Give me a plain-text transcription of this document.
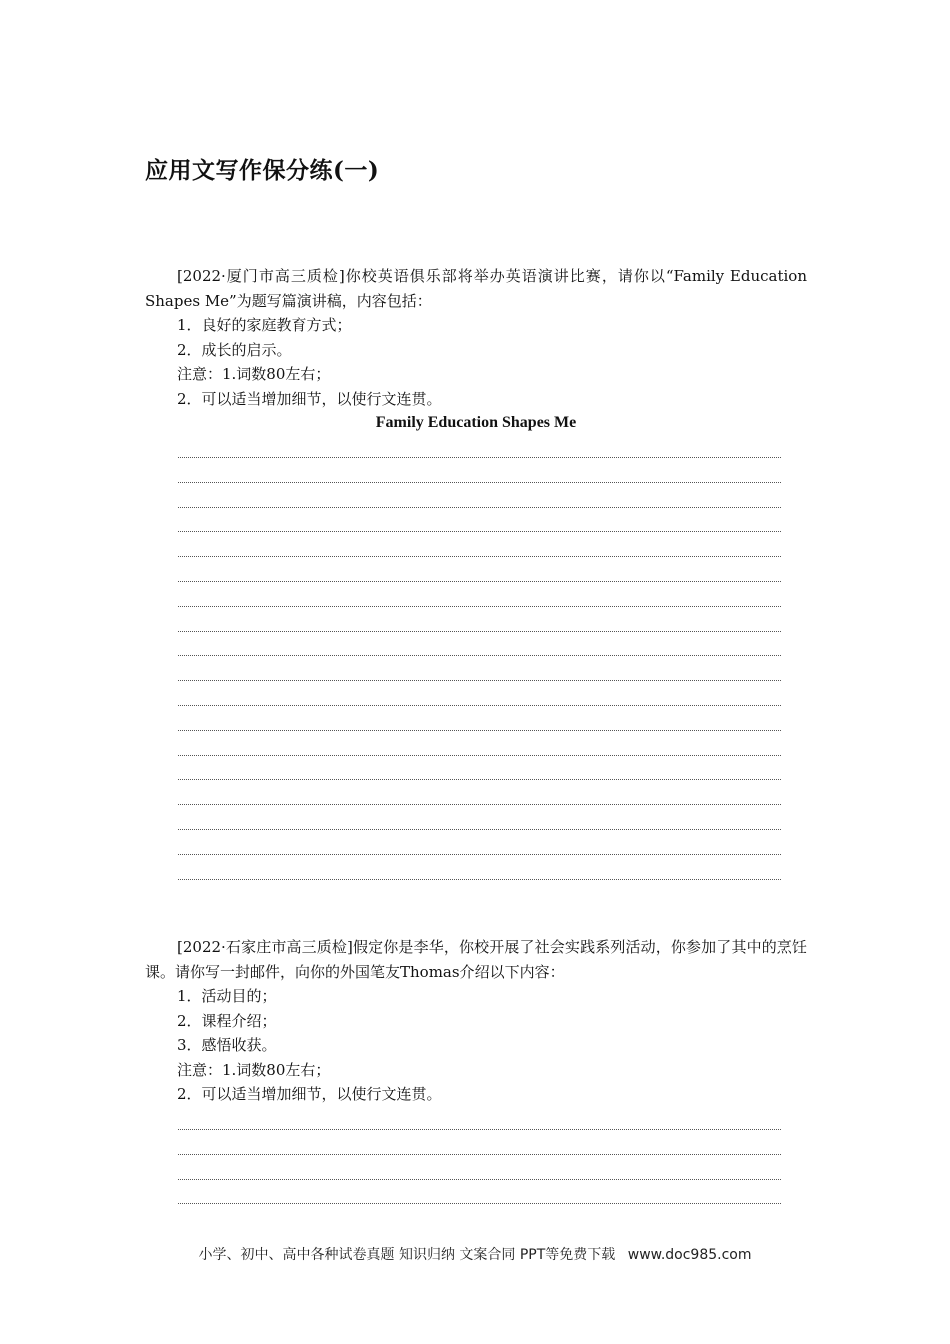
应用文写作保分练(一)

[2022·厦门市高三质检]你校英语俱乐部将举办英语演讲比赛，请你以“Family Education Shapes Me”为题写篇演讲稿，内容包括：

1．良好的家庭教育方式；

2．成长的启示。

注意：1.词数80左右；

2．可以适当增加细节，以使行文连贯。

Family Education Shapes Me

[2022·石家庄市高三质检]假定你是李华，你校开展了社会实践系列活动，你参加了其中的烹饪课。请你写一封邮件，向你的外国笔友Thomas介绍以下内容：

1．活动目的；

2．课程介绍；

3．感悟收获。

注意：1.词数80左右；

2．可以适当增加细节，以使行文连贯。

小学、初中、高中各种试卷真题 知识归纳 文案合同 PPT等免费下载 www.doc985.com
